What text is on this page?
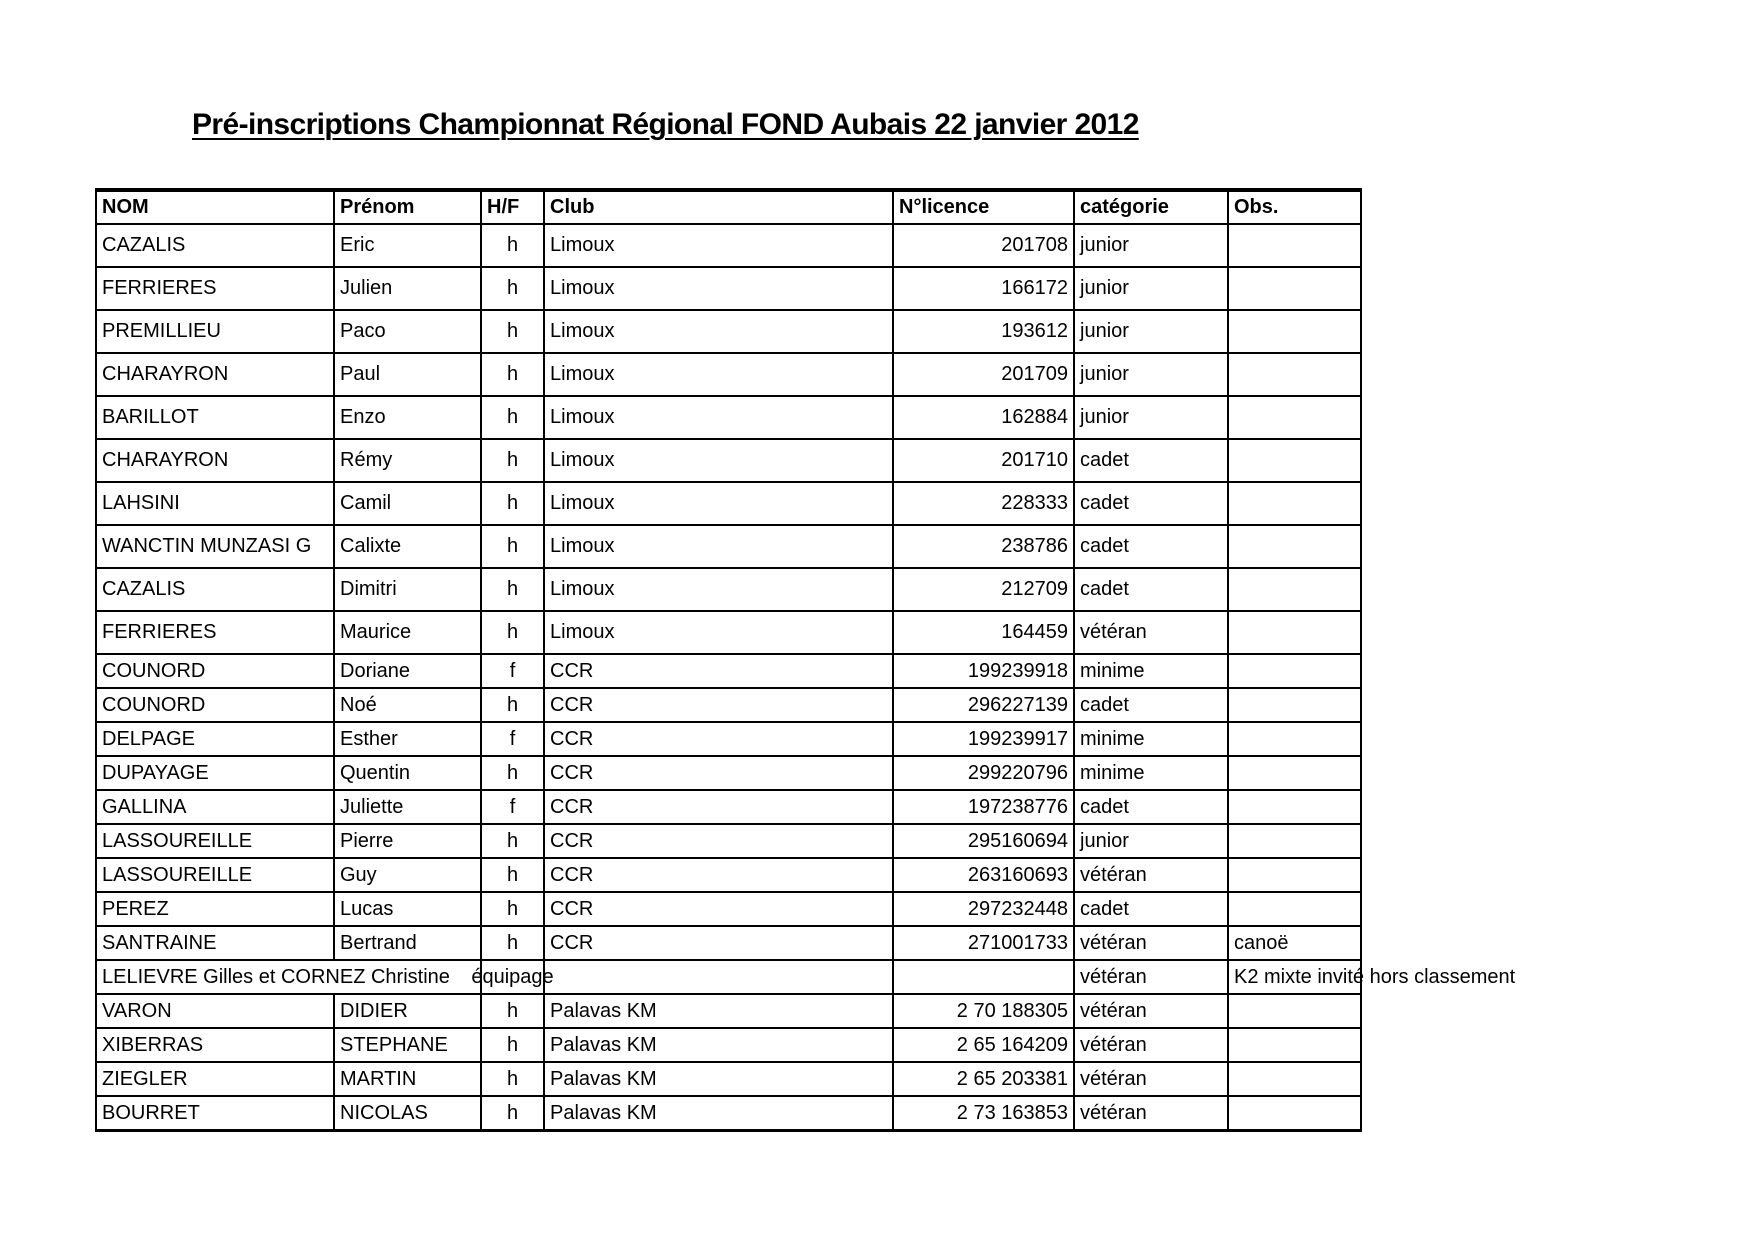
Pré-inscriptions Championnat Régional FOND Aubais 22 janvier 2012
NOM	Prénom	H/F	Club	N°licence	catégorie	Obs.
CAZALIS	Eric	h	Limoux	201708	junior	
FERRIERES	Julien	h	Limoux	166172	junior	
PREMILLIEU	Paco	h	Limoux	193612	junior	
CHARAYRON	Paul	h	Limoux	201709	junior	
BARILLOT	Enzo	h	Limoux	162884	junior	
CHARAYRON	Rémy	h	Limoux	201710	cadet	
LAHSINI	Camil	h	Limoux	228333	cadet	
WANCTIN MUNZASI G	Calixte	h	Limoux	238786	cadet	
CAZALIS	Dimitri	h	Limoux	212709	cadet	
FERRIERES	Maurice	h	Limoux	164459	vétéran	
COUNORD	Doriane	f	CCR	199239918	minime	
COUNORD	Noé	h	CCR	296227139	cadet	
DELPAGE	Esther	f	CCR	199239917	minime	
DUPAYAGE	Quentin	h	CCR	299220796	minime	
GALLINA	Juliette	f	CCR	197238776	cadet	
LASSOUREILLE	Pierre	h	CCR	295160694	junior	
LASSOUREILLE	Guy	h	CCR	263160693	vétéran	
PEREZ	Lucas	h	CCR	297232448	cadet	
SANTRAINE	Bertrand	h	CCR	271001733	vétéran	canoë

LELIEVRE Gilles et CORNEZ Christine		équipage			vétéran	K2 mixte invité hors classement

VARON	DIDIER	h	Palavas KM	2 70 188305	vétéran	
XIBERRAS	STEPHANE	h	Palavas KM	2 65 164209	vétéran	
ZIEGLER	MARTIN	h	Palavas KM	2 65 203381	vétéran	
BOURRET	NICOLAS	h	Palavas KM	2 73 163853	vétéran	
